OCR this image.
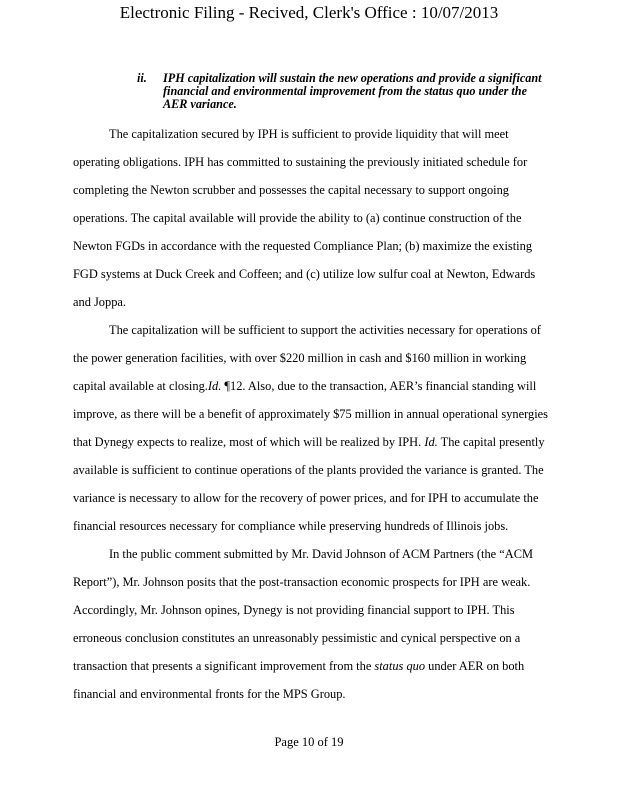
Electronic Filing - Recived, Clerk's Office : 10/07/2013
ii. IPH capitalization will sustain the new operations and provide a significant
financial and environmental improvement from the status quo under the
AER variance.
The capitalization secured by IPH is sufficient to provide liquidity that will meet
operating obligations. IPH has committed to sustaining the previously initiated schedule for
completing the Newton scrubber and possesses the capital necessary to support ongoing
operations. The capital available will provide the ability to (a) continue construction of the
Newton FGDs in accordance with the requested Compliance Plan; (b) maximize the existing
FGD systems at Duck Creek and Coffeen; and (c) utilize low sulfur coal at Newton, Edwards
and Joppa.
The capitalization will be sufficient to support the activities necessary for operations of
the power generation facilities, with over $220 million in cash and $160 million in working
capital available at closing.Id. ¶12. Also, due to the transaction, AER’s financial standing will
improve, as there will be a benefit of approximately $75 million in annual operational synergies
that Dynegy expects to realize, most of which will be realized by IPH. Id. The capital presently
available is sufficient to continue operations of the plants provided the variance is granted. The
variance is necessary to allow for the recovery of power prices, and for IPH to accumulate the
financial resources necessary for compliance while preserving hundreds of Illinois jobs.
In the public comment submitted by Mr. David Johnson of ACM Partners (the “ACM
Report”), Mr. Johnson posits that the post-transaction economic prospects for IPH are weak.
Accordingly, Mr. Johnson opines, Dynegy is not providing financial support to IPH. This
erroneous conclusion constitutes an unreasonably pessimistic and cynical perspective on a
transaction that presents a significant improvement from the status quo under AER on both
financial and environmental fronts for the MPS Group.
Page 10 of 19
